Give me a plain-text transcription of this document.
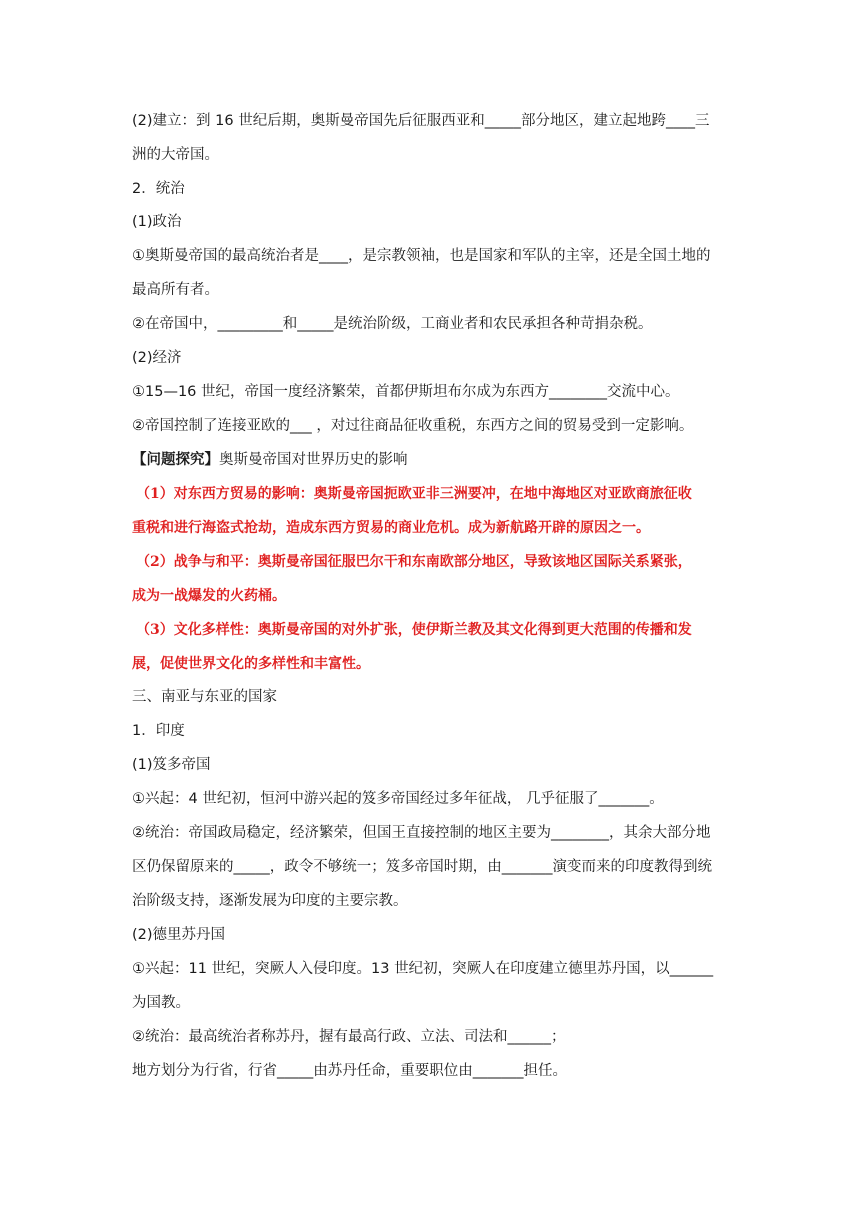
(2)建立：到 16 世纪后期，奥斯曼帝国先后征服西亚和_____部分地区，建立起地跨____三
洲的大帝国。
2．统治
(1)政治
①奥斯曼帝国的最高统治者是____，是宗教领袖，也是国家和军队的主宰，还是全国土地的
最高所有者。
②在帝国中，_________和_____是统治阶级，工商业者和农民承担各种苛捐杂税。
(2)经济
①15—16 世纪，帝国一度经济繁荣，首都伊斯坦布尔成为东西方________交流中心。
②帝国控制了连接亚欧的___ ，对过往商品征收重税，东西方之间的贸易受到一定影响。
【问题探究】奥斯曼帝国对世界历史的影响
（1）对东西方贸易的影响：奥斯曼帝国扼欧亚非三洲要冲，在地中海地区对亚欧商旅征收
重税和进行海盗式抢劫，造成东西方贸易的商业危机。成为新航路开辟的原因之一。
（2）战争与和平：奥斯曼帝国征服巴尔干和东南欧部分地区，导致该地区国际关系紧张，
成为一战爆发的火药桶。
（3）文化多样性：奥斯曼帝国的对外扩张，使伊斯兰教及其文化得到更大范围的传播和发
展，促使世界文化的多样性和丰富性。
三、南亚与东亚的国家
1．印度
(1)笈多帝国
①兴起：4 世纪初，恒河中游兴起的笈多帝国经过多年征战， 几乎征服了_______。
②统治：帝国政局稳定，经济繁荣，但国王直接控制的地区主要为________，其余大部分地
区仍保留原来的_____，政令不够统一；笈多帝国时期，由_______演变而来的印度教得到统
治阶级支持，逐渐发展为印度的主要宗教。
(2)德里苏丹国
①兴起：11 世纪，突厥人入侵印度。13 世纪初，突厥人在印度建立德里苏丹国，以______
为国教。
②统治：最高统治者称苏丹，握有最高行政、立法、司法和______；
地方划分为行省，行省_____由苏丹任命，重要职位由_______担任。
